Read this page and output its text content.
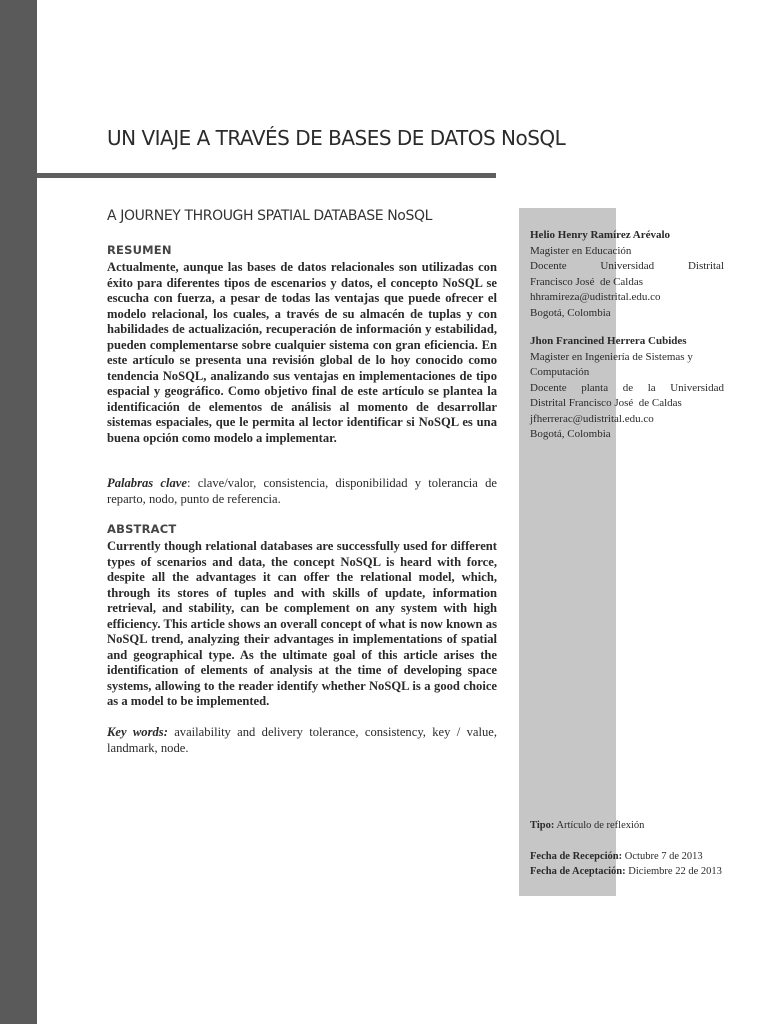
UN VIAJE A TRAVÉS DE BASES DE DATOS NoSQL
A JOURNEY THROUGH SPATIAL DATABASE NoSQL
RESUMEN

Actualmente, aunque las bases de datos relacionales son utilizadas con éxito para diferentes tipos de escenarios y datos, el concepto NoSQL se escucha con fuerza, a pesar de todas las ventajas que puede ofrecer el modelo relacional, los cuales, a través de su almacén de tuplas y con habilidades de actualización, recuperación de información y estabilidad, pueden complementarse sobre cualquier sistema con gran eficiencia. En este artículo se presenta una revisión global de lo hoy conocido como tendencia NoSQL, analizando sus ventajas en implementaciones de tipo espacial y geográfico. Como objetivo final de este artículo se plantea la identificación de elementos de análisis al momento de desarrollar sistemas espaciales, que le permita al lector identificar si NoSQL es una buena opción como modelo a implementar.

Palabras clave: clave/valor, consistencia, disponibilidad y tolerancia de reparto, nodo, punto de referencia.

ABSTRACT

Currently though relational databases are successfully used for different types of scenarios and data, the concept NoSQL is heard with force, despite all the advantages it can offer the relational model, which, through its stores of tuples and with skills of update, information retrieval, and stability, can be complement on any system with high efficiency. This article shows an overall concept of what is now known as NoSQL trend, analyzing their advantages in implementations of spatial and geographical type. As the ultimate goal of this article arises the identification of elements of analysis at the time of developing space systems, allowing to the reader identify whether NoSQL is a good choice as a model to be implemented.

Key words: availability and delivery tolerance, consistency, key / value, landmark, node.

Helio Henry Ramírez Arévalo

Magister en Educación

Docente      Universidad      Distrital

Francisco José  de Caldas

hhramireza@udistrital.edu.co

Bogotá, Colombia

Jhon Francined Herrera Cubides

Magister en Ingeniería de Sistemas y

Computación

Docente  planta  de  la  Universidad

Distrital Francisco José  de Caldas

jfherrerac@udistrital.edu.co

Bogotá, Colombia

Tipo: Artículo de reflexión

Fecha de Recepción: Octubre 7 de 2013

Fecha de Aceptación: Diciembre 22 de 2013
